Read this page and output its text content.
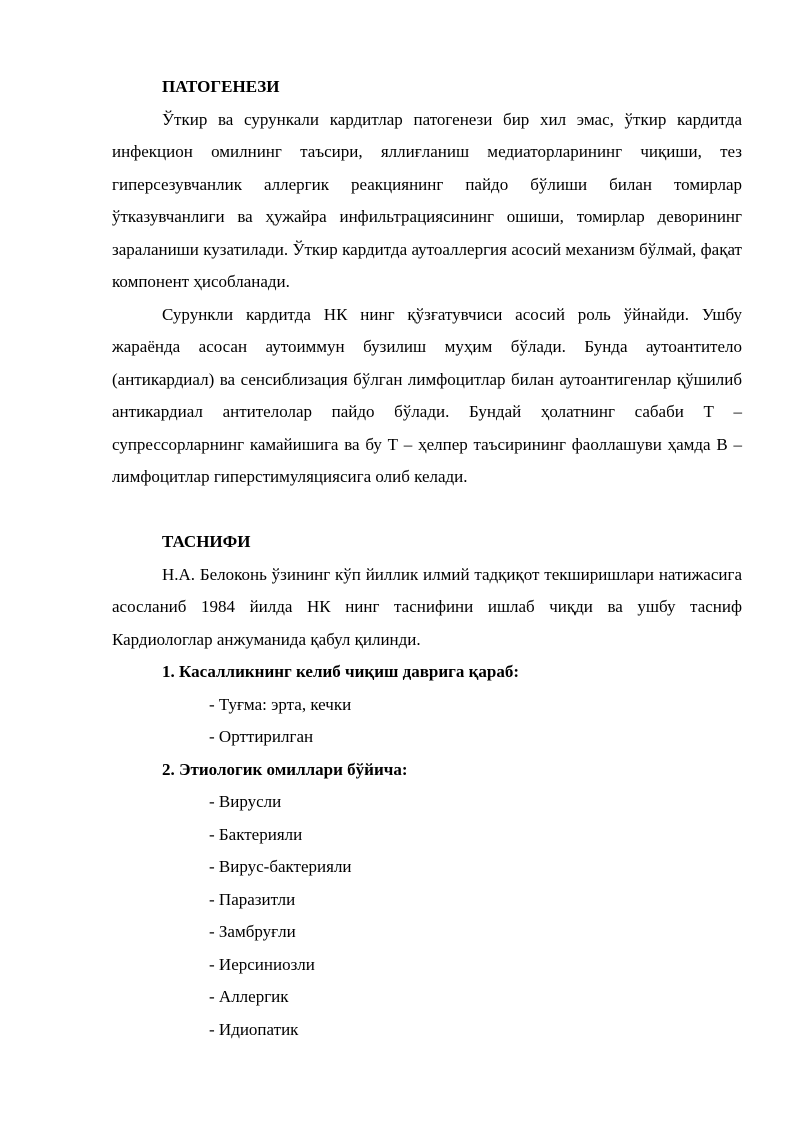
ПАТОГЕНЕЗИ

Ўткир ва сурункали кардитлар патогенези бир хил эмас, ўткир кардитда инфекцион омилнинг таъсири, яллиғланиш медиаторларининг чиқиши, тез гиперсезувчанлик аллергик реакциянинг пайдо бўлиши билан томирлар ўтказувчанлиги ва ҳужайра инфильтрациясининг ошиши, томирлар деворининг зараланиши кузатилади. Ўткир кардитда аутоаллергия асосий механизм бўлмай, фақат компонент ҳисобланади.

Сурункли кардитда НК нинг қўзғатувчиси асосий роль ўйнайди. Ушбу жараёнда асосан аутоиммун бузилиш муҳим бўлади. Бунда аутоантитело (антикардиал) ва сенсиблизация бўлган лимфоцитлар билан аутоантигенлар қўшилиб антикардиал антителолар пайдо бўлади. Бундай ҳолатнинг сабаби Т – супрессорларнинг камайишига ва бу Т – ҳелпер таъсирининг фаоллашуви ҳамда В – лимфоцитлар гиперстимуляциясига олиб келади.

ТАСНИФИ

Н.А. Белоконь ўзининг кўп йиллик илмий тадқиқот текширишлари натижасига асосланиб 1984 йилда НК нинг таснифини ишлаб чиқди ва ушбу тасниф Кардиологлар анжуманида қабул қилинди.

1. Касалликнинг келиб чиқиш даврига қараб:

- Туғма: эрта, кечки

- Орттирилган

2. Этиологик омиллари бўйича:

- Вирусли

- Бактерияли

- Вирус-бактерияли

- Паразитли

- Замбруғли

- Иерсиниозли

- Аллергик

- Идиопатик
